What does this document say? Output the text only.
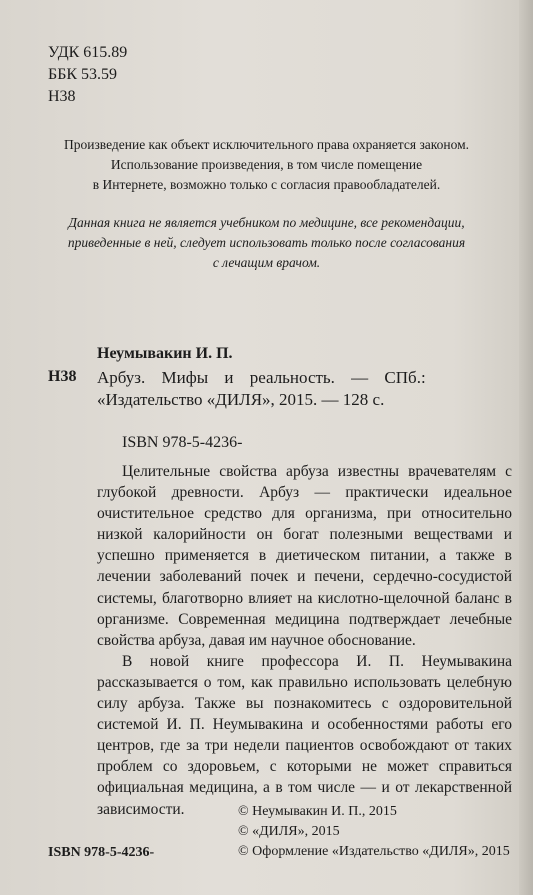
УДК 615.89
ББК 53.59
Н38
Произведение как объект исключительного права охраняется законом.
Использование произведения, в том числе помещение
в Интернете, возможно только с согласия правообладателей.
Данная книга не является учебником по медицине, все рекомендации,
приведенные в ней, следует использовать только после согласования
с лечащим врачом.
Неумывакин И. П.
Н38 Арбуз. Мифы и реальность. — СПб.:
«Издательство «ДИЛЯ», 2015. — 128 с.
ISBN 978-5-4236-

Целительные свойства арбуза известны врачевателям с глубокой древности. Арбуз — практически идеальное очистительное средство для организма, при относительно низкой калорийности он богат полезными веществами и успешно применяется в диетическом питании, а также в лечении заболеваний почек и печени, сердечно-сосудистой системы, благотворно влияет на кислотно-щелочной баланс в организме. Современная медицина подтверждает лечебные свойства арбуза, давая им научное обоснование.

В новой книге профессора И. П. Неумывакина рассказывается о том, как правильно использовать целебную силу арбуза. Также вы познакомитесь с оздоровительной системой И. П. Неумывакина и особенностями работы его центров, где за три недели пациентов освобождают от таких проблем со здоровьем, с которыми не может справиться официальная медицина, а в том числе — и от лекарственной зависимости.	© Неумывакин И. П., 2015
© «ДИЛЯ», 2015
© Оформление «Издательство «ДИЛЯ», 2015
ISBN 978-5-4236-
